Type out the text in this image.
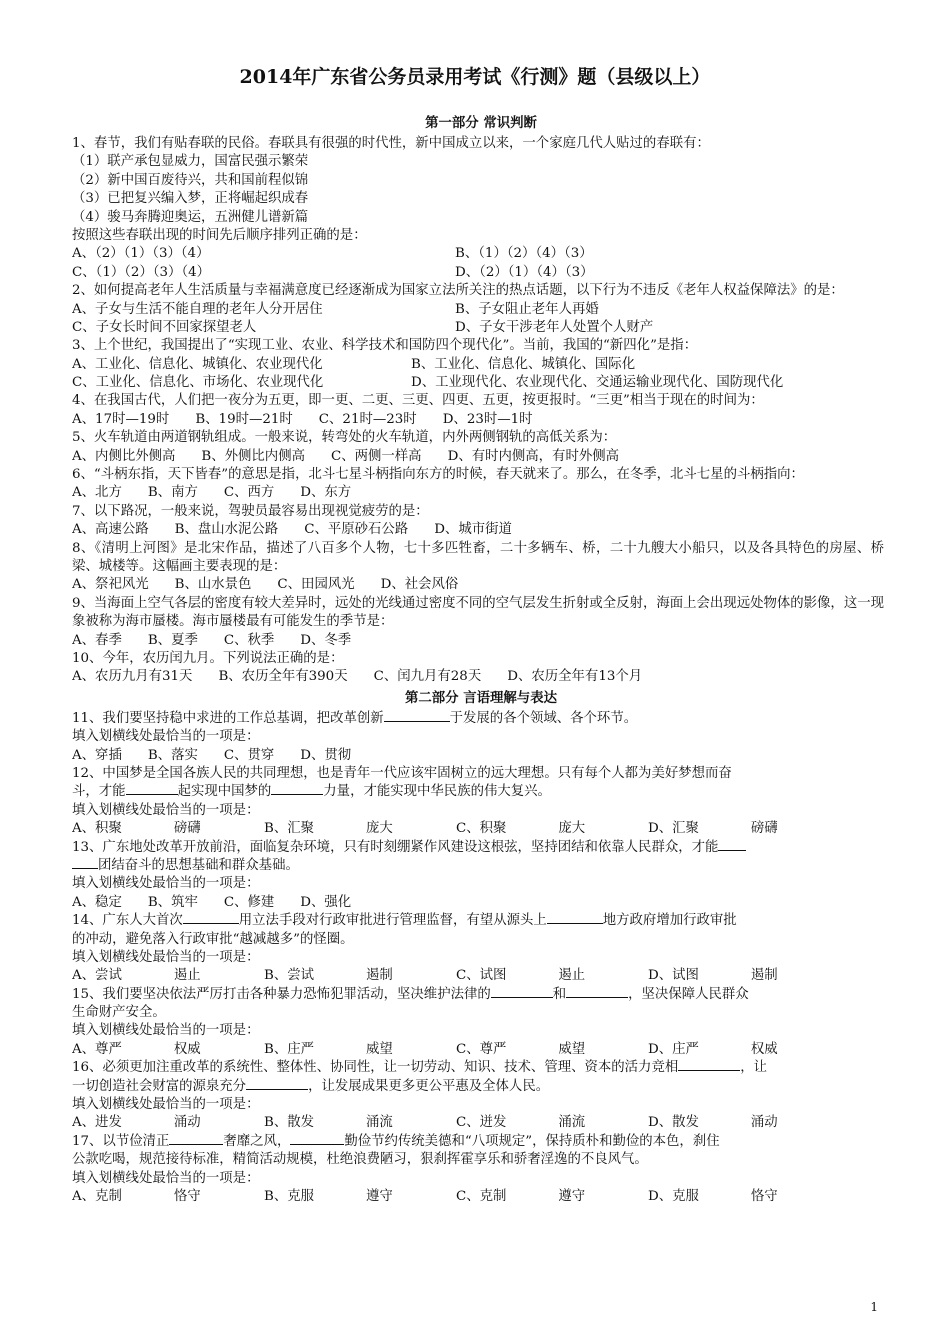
2014年广东省公务员录用考试《行测》题（县级以上）
第一部分 常识判断
1、春节，我们有贴春联的民俗。春联具有很强的时代性，新中国成立以来，一个家庭几代人贴过的春联有：
（1）联产承包显威力，国富民强示繁荣
（2）新中国百废待兴，共和国前程似锦
（3）已把复兴编入梦，正将崛起织成春
（4）骏马奔腾迎奥运，五洲健儿谱新篇
按照这些春联出现的时间先后顺序排列正确的是：
A、（2）（1）（3）（4）	B、（1）（2）（4）（3）
C、（1）（2）（3）（4）	D、（2）（1）（4）（3）
2、如何提高老年人生活质量与幸福满意度已经逐渐成为国家立法所关注的热点话题，以下行为不违反《老年人权益保障法》的是：
A、子女与生活不能自理的老年人分开居住	B、子女阻止老年人再婚
C、子女长时间不回家探望老人	D、子女干涉老年人处置个人财产
3、上个世纪，我国提出了“实现工业、农业、科学技术和国防四个现代化”。当前，我国的“新四化”是指：
A、工业化、信息化、城镇化、农业现代化	B、工业化、信息化、城镇化、国际化
C、工业化、信息化、市场化、农业现代化	D、工业现代化、农业现代化、交通运输业现代化、国防现代化
4、在我国古代，人们把一夜分为五更，即一更、二更、三更、四更、五更，按更报时。“三更”相当于现在的时间为：
A、17时—19时 B、19时—21时 C、21时—23时 D、23时—1时
5、火车轨道由两道钢轨组成。一般来说，转弯处的火车轨道，内外两侧钢轨的高低关系为：
A、内侧比外侧高 B、外侧比内侧高 C、两侧一样高 D、有时内侧高，有时外侧高
6、“斗柄东指，天下皆春”的意思是指，北斗七星斗柄指向东方的时候，春天就来了。那么，在冬季，北斗七星的斗柄指向：
A、北方 B、南方 C、西方 D、东方
7、以下路况，一般来说，驾驶员最容易出现视觉疲劳的是：
A、高速公路 B、盘山水泥公路 C、平原砂石公路 D、城市街道
8、《清明上河图》是北宋作品，描述了八百多个人物，七十多匹牲畜，二十多辆车、桥，二十九艘大小船只，以及各具特色的房屋、桥梁、城楼等。这幅画主要表现的是：
A、祭祀风光 B、山水景色 C、田园风光 D、社会风俗
9、当海面上空气各层的密度有较大差异时，远处的光线通过密度不同的空气层发生折射或全反射，海面上会出现远处物体的影像，这一现象被称为海市蜃楼。海市蜃楼最有可能发生的季节是：
A、春季 B、夏季 C、秋季 D、冬季
10、今年，农历闰九月。下列说法正确的是：
A、农历九月有31天 B、农历全年有390天 C、闰九月有28天 D、农历全年有13个月
第二部分 言语理解与表达
11、我们要坚持稳中求进的工作总基调，把改革创新	于发展的各个领域、各个环节。
填入划横线处最恰当的一项是：
A、穿插 B、落实 C、贯穿 D、贯彻
12、中国梦是全国各族人民的共同理想，也是青年一代应该牢固树立的远大理想。只有每个人都为美好梦想而奋
斗，才能	起实现中国梦的	力量，才能实现中华民族的伟大复兴。
填入划横线处最恰当的一项是：
A、积聚	磅礴	B、汇聚	庞大	C、积聚	庞大	D、汇聚	磅礴
13、广东地处改革开放前沿，面临复杂环境，只有时刻绷紧作风建设这根弦，坚持团结和依靠人民群众，才能
团结奋斗的思想基础和群众基础。
填入划横线处最恰当的一项是：
A、稳定 B、筑牢 C、修建 D、强化
14、广东人大首次	用立法手段对行政审批进行管理监督，有望从源头上	地方政府增加行政审批
的冲动，避免落入行政审批“越减越多”的怪圈。
填入划横线处最恰当的一项是：
A、尝试	遏止	B、尝试	遏制	C、试图	遏止	D、试图	遏制
15、我们要坚决依法严厉打击各种暴力恐怖犯罪活动，坚决维护法律的	和	，坚决保障人民群众
生命财产安全。
填入划横线处最恰当的一项是：
A、尊严	权威	B、庄严	威望	C、尊严	威望	D、庄严	权威
16、必须更加注重改革的系统性、整体性、协同性，让一切劳动、知识、技术、管理、资本的活力竞相	，让
一切创造社会财富的源泉充分	，让发展成果更多更公平惠及全体人民。
填入划横线处最恰当的一项是：
A、进发	涌动	B、散发	涌流	C、迸发	涌流	D、散发	涌动
17、以节俭清正	奢靡之风，	勤俭节约传统美德和“八项规定”，保持质朴和勤俭的本色，刹住
公款吃喝，规范接待标准，精简活动规模，杜绝浪费陋习，狠刹挥霍享乐和骄奢淫逸的不良风气。
填入划横线处最恰当的一项是：
A、克制	恪守	B、克服	遵守	C、克制	遵守	D、克服	恪守
1
